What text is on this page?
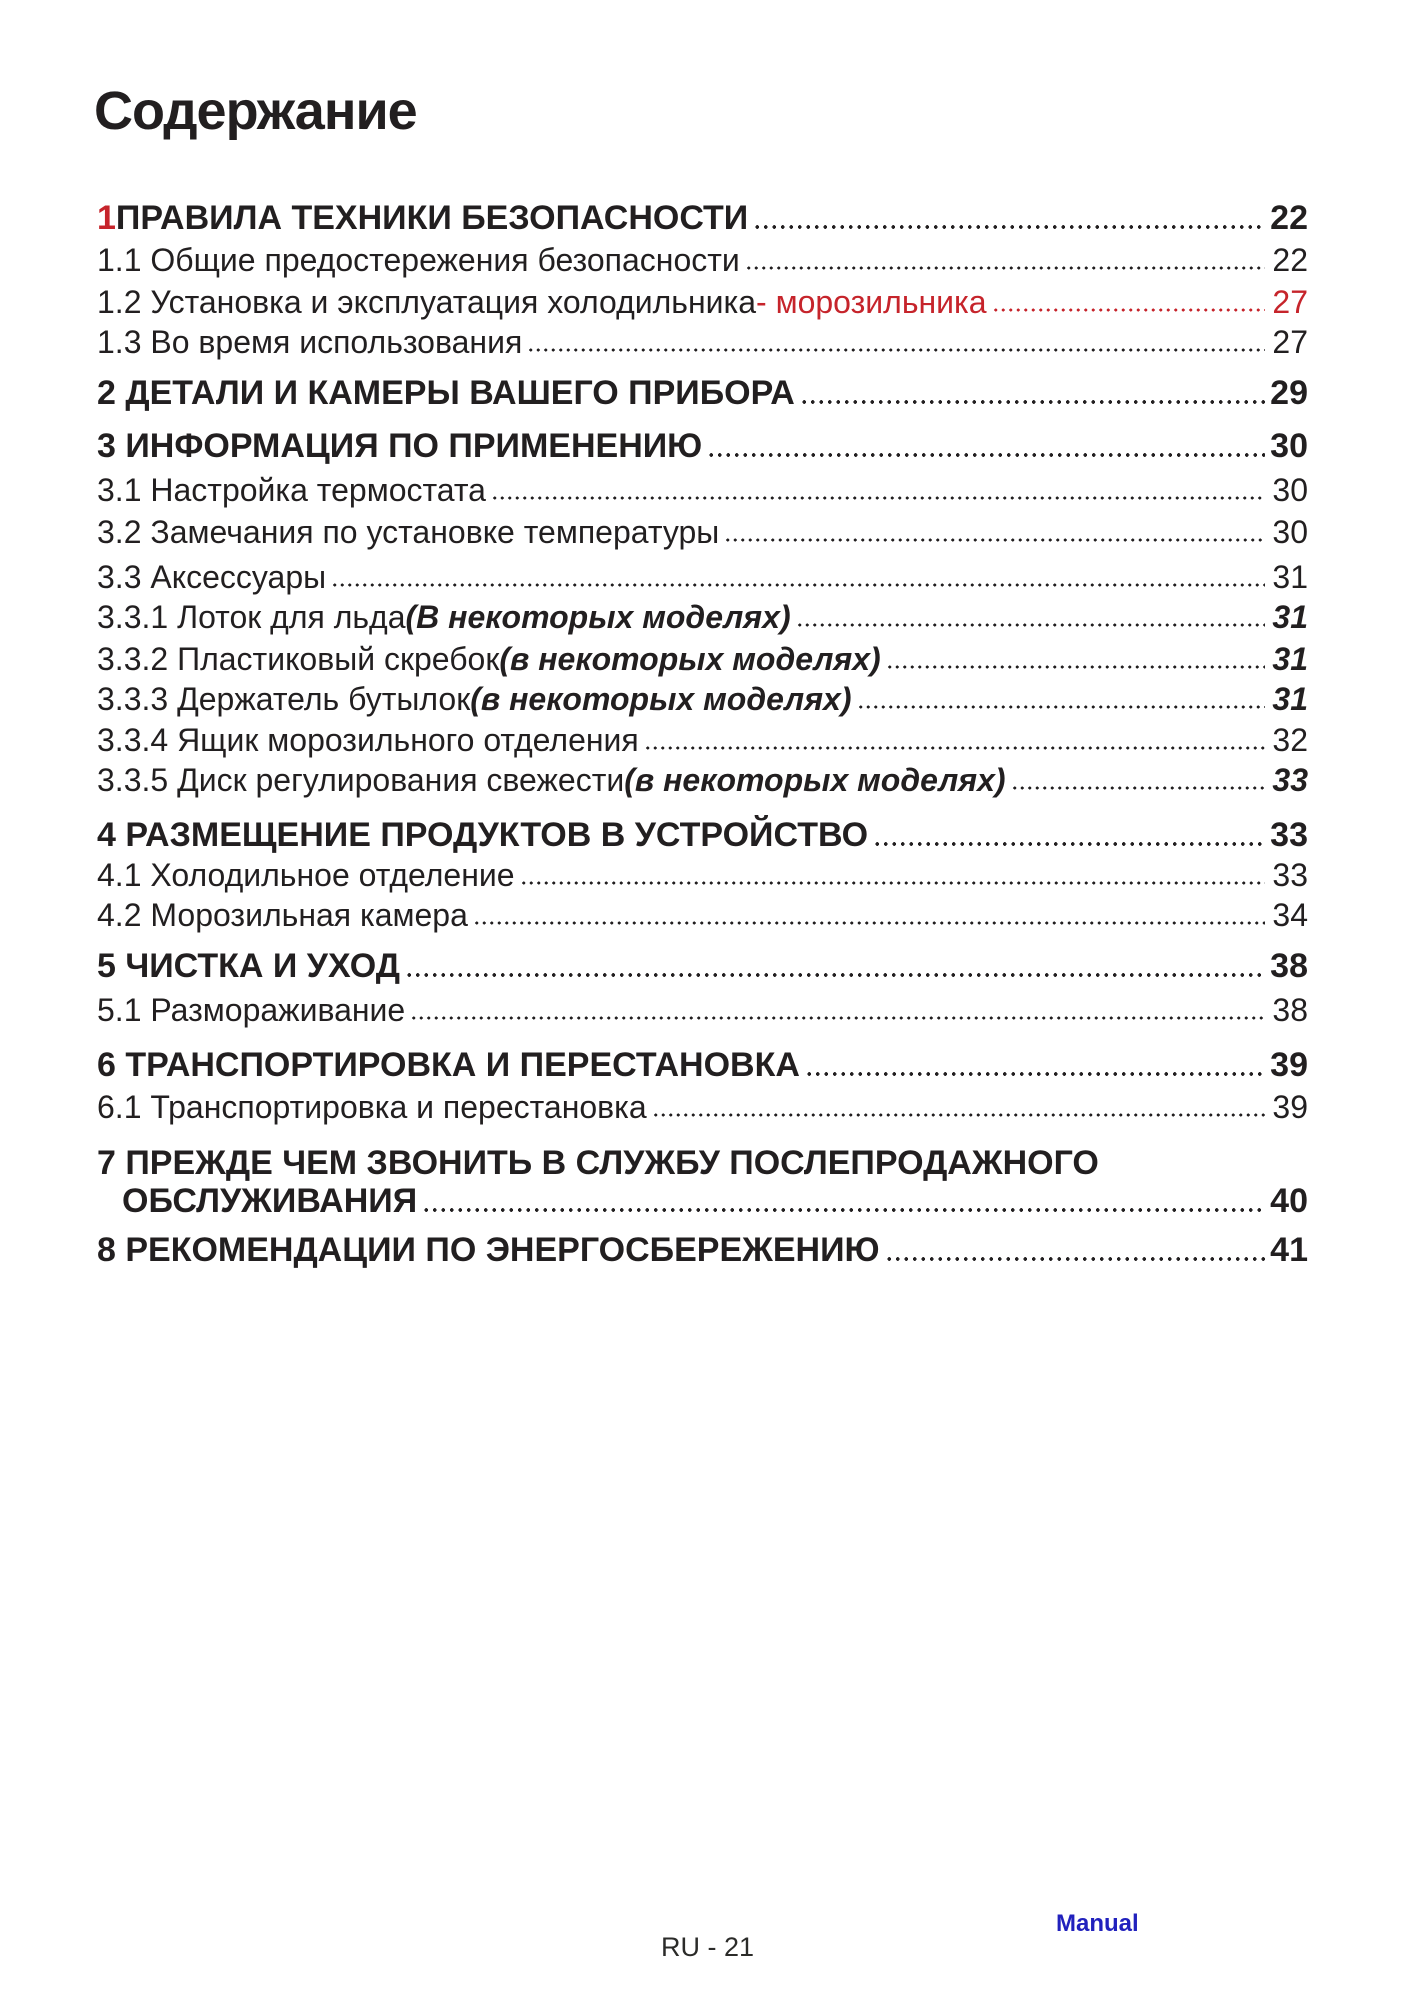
Содержание
1 ПРАВИЛА ТЕХНИКИ БЕЗОПАСНОСТИ	22
1.1 Общие предостережения безопасности	22
1.2 Установка и эксплуатация холодильника - морозильника	27
1.3 Во время использования	27
2 ДЕТАЛИ И КАМЕРЫ ВАШЕГО ПРИБОРА	29
3 ИНФОРМАЦИЯ ПО ПРИМЕНЕНИЮ	30
3.1 Настройка термостата	30
3.2 Замечания по установке температуры	30
3.3 Аксессуары	31
3.3.1 Лоток для льда (В некоторых моделях)	31
3.3.2 Пластиковый скребок (в некоторых моделях)	31
3.3.3 Держатель бутылок (в некоторых моделях)	31
3.3.4 Ящик морозильного отделения	32
3.3.5 Диск регулирования свежести (в некоторых моделях)	33
4 РАЗМЕЩЕНИЕ ПРОДУКТОВ В УСТРОЙСТВО	33
4.1 Холодильное отделение	33
4.2 Морозильная камера	34
5 ЧИСТКА И УХОД	38
5.1 Размораживание	38
6 ТРАНСПОРТИРОВКА И ПЕРЕСТАНОВКА	39
6.1 Транспортировка и перестановка	39
7 ПРЕЖДЕ ЧЕМ ЗВОНИТЬ В СЛУЖБУ ПОСЛЕПРОДАЖНОГО
ОБСЛУЖИВАНИЯ	40
8 РЕКОМЕНДАЦИИ ПО ЭНЕРГОСБЕРЕЖЕНИЮ	41
Manual
RU - 21
